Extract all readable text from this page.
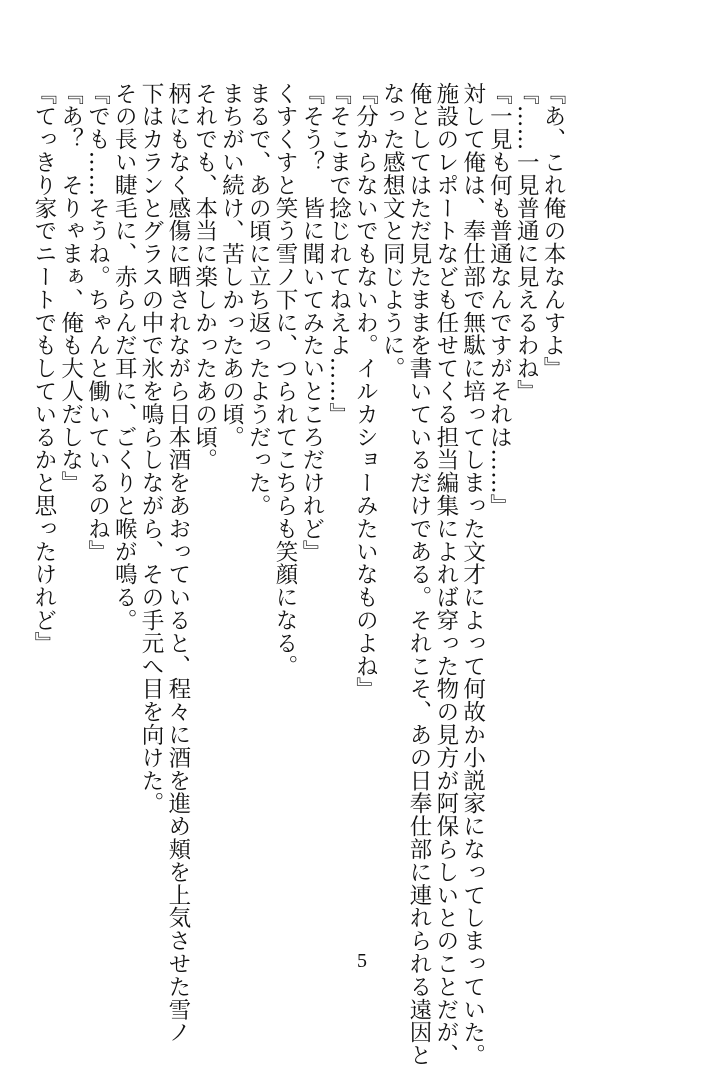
『あ、これ俺の本なんすよ』
『……一見普通に見えるわね』
『一見も何も普通なんですがそれは……』
対して俺は、奉仕部で無駄に培ってしまった文才によって何故か小説家になってしまっていた。
施設のレポートなども任せてくる担当編集によれば穿った物の見方が阿保らしいとのことだが、
俺としてはただ見たままを書いているだけである。それこそ、あの日奉仕部に連れられる遠因と
なった感想文と同じように。
『分からないでもないわ。イルカショーみたいなものよね』
『そこまで捻じれてねえよ……』
『そう？　皆に聞いてみたいところだけれど』
くすくすと笑う雪ノ下に、つられてこちらも笑顔になる。
まるで、あの頃に立ち返ったようだった。
まちがい続け、苦しかったあの頃。
それでも、本当に楽しかったあの頃。
柄にもなく感傷に晒されながら日本酒をあおっていると、程々に酒を進め頬を上気させた雪ノ
下はカランとグラスの中で氷を鳴らしながら、その手元へ目を向けた。
その長い睫毛に、赤らんだ耳に、ごくりと喉が鳴る。
『でも……そうね。ちゃんと働いているのね』
『あ？　そりゃまぁ、俺も大人だしな』
『てっきり家でニートでもしているかと思ったけれど』
5
